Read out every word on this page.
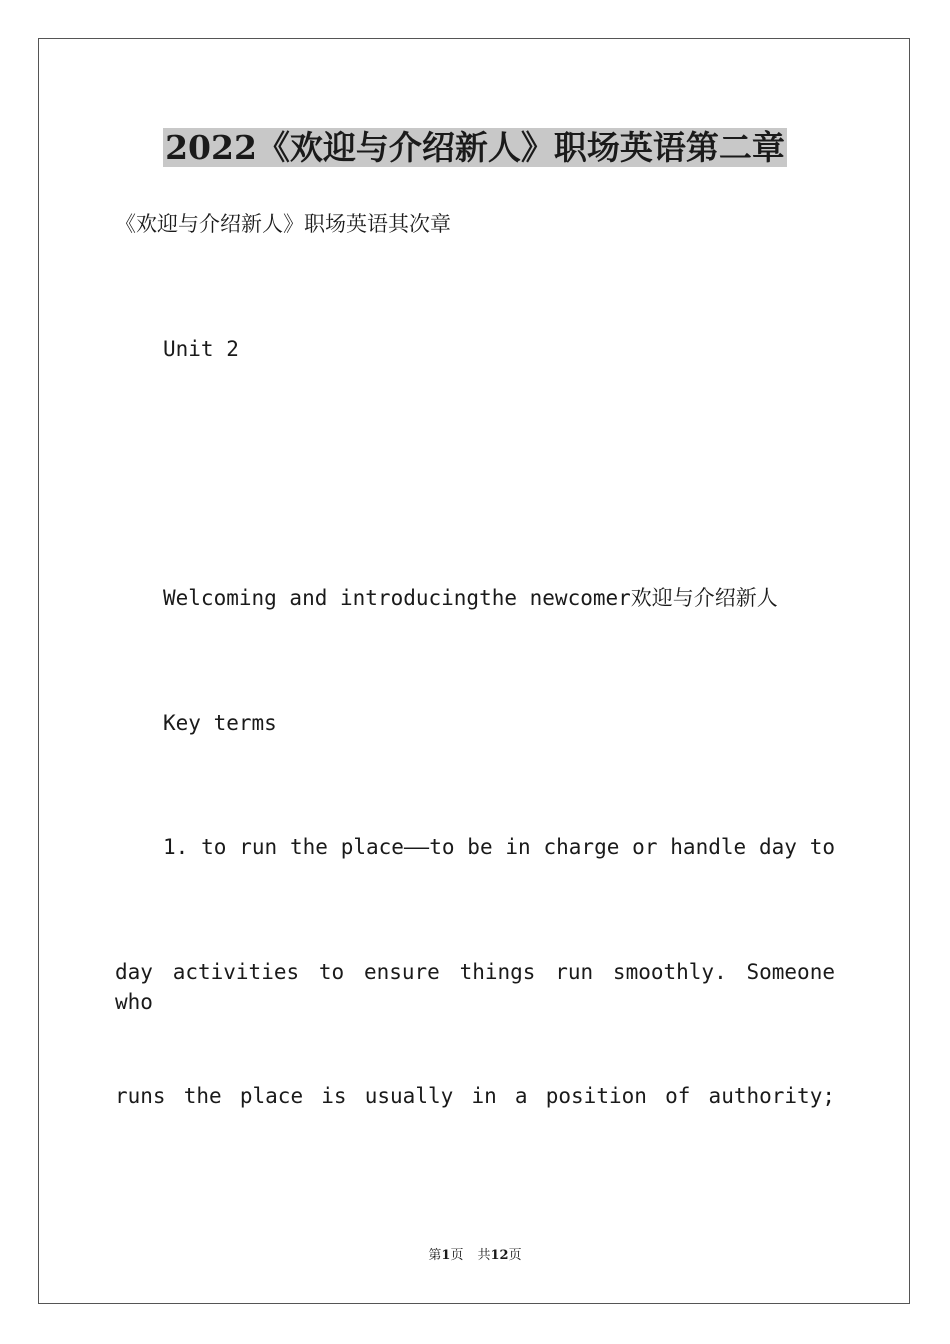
2022《欢迎与介绍新人》职场英语第二章
《欢迎与介绍新人》职场英语其次章
Unit 2
Welcoming and introducingthe newcomer欢迎与介绍新人
Key terms
1. to run the place——to be in charge or handle day to
day activities to ensure things run smoothly. Someone who
runs the place is usually in a position of authority;
第1页 共12页
